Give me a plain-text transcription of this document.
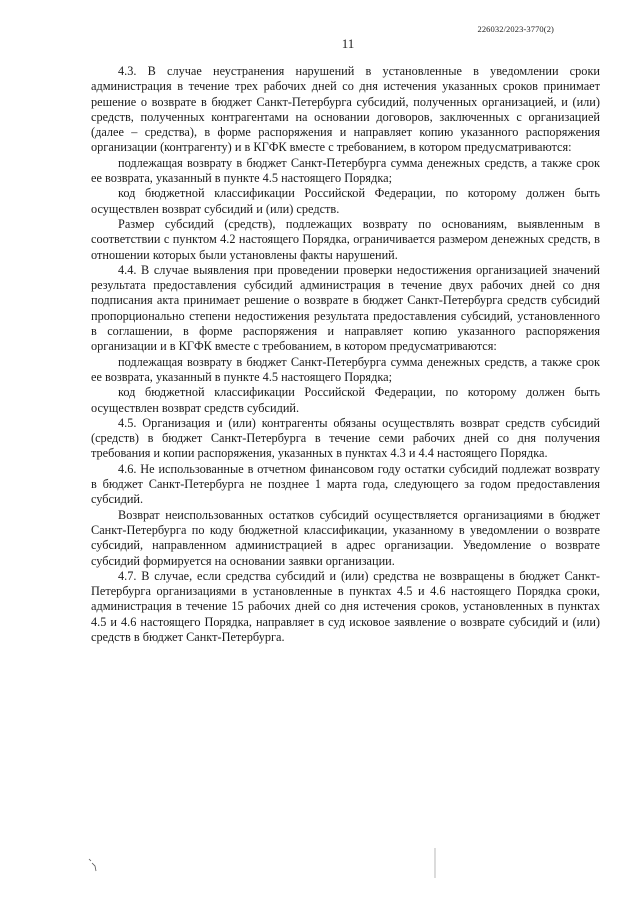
226032/2023-3770(2)
11

4.3. В случае неустранения нарушений в установленные в уведомлении сроки администрация в течение трех рабочих дней со дня истечения указанных сроков принимает решение о возврате в бюджет Санкт-Петербурга субсидий, полученных организацией, и (или) средств, полученных контрагентами на основании договоров, заключенных с организацией (далее – средства), в форме распоряжения и направляет копию указанного распоряжения организации (контрагенту) и в КГФК вместе с требованием, в котором предусматриваются:

подлежащая возврату в бюджет Санкт-Петербурга сумма денежных средств, а также срок ее возврата, указанный в пункте 4.5 настоящего Порядка;

код бюджетной классификации Российской Федерации, по которому должен быть осуществлен возврат субсидий и (или) средств.

Размер субсидий (средств), подлежащих возврату по основаниям, выявленным в соответствии с пунктом 4.2 настоящего Порядка, ограничивается размером денежных средств, в отношении которых были установлены факты нарушений.

4.4. В случае выявления при проведении проверки недостижения организацией значений результата предоставления субсидий администрация в течение двух рабочих дней со дня подписания акта принимает решение о возврате в бюджет Санкт-Петербурга средств субсидий пропорционально степени недостижения результата предоставления субсидий, установленного в соглашении, в форме распоряжения и направляет копию указанного распоряжения организации и в КГФК вместе с требованием, в котором предусматриваются:

подлежащая возврату в бюджет Санкт-Петербурга сумма денежных средств, а также срок ее возврата, указанный в пункте 4.5 настоящего Порядка;

код бюджетной классификации Российской Федерации, по которому должен быть осуществлен возврат средств субсидий.

4.5. Организация и (или) контрагенты обязаны осуществлять возврат средств субсидий (средств) в бюджет Санкт-Петербурга в течение семи рабочих дней со дня получения требования и копии распоряжения, указанных в пунктах 4.3 и 4.4 настоящего Порядка.

4.6. Не использованные в отчетном финансовом году остатки субсидий подлежат возврату в бюджет Санкт-Петербурга не позднее 1 марта года, следующего за годом предоставления субсидий.

Возврат неиспользованных остатков субсидий осуществляется организациями в бюджет Санкт-Петербурга по коду бюджетной классификации, указанному в уведомлении о возврате субсидий, направленном администрацией в адрес организации. Уведомление о возврате субсидий формируется на основании заявки организации.

4.7. В случае, если средства субсидий и (или) средства не возвращены в бюджет Санкт-Петербурга организациями в установленные в пунктах 4.5 и 4.6 настоящего Порядка сроки, администрация в течение 15 рабочих дней со дня истечения сроков, установленных в пунктах 4.5 и 4.6 настоящего Порядка, направляет в суд исковое заявление о возврате субсидий и (или) средств в бюджет Санкт-Петербурга.
